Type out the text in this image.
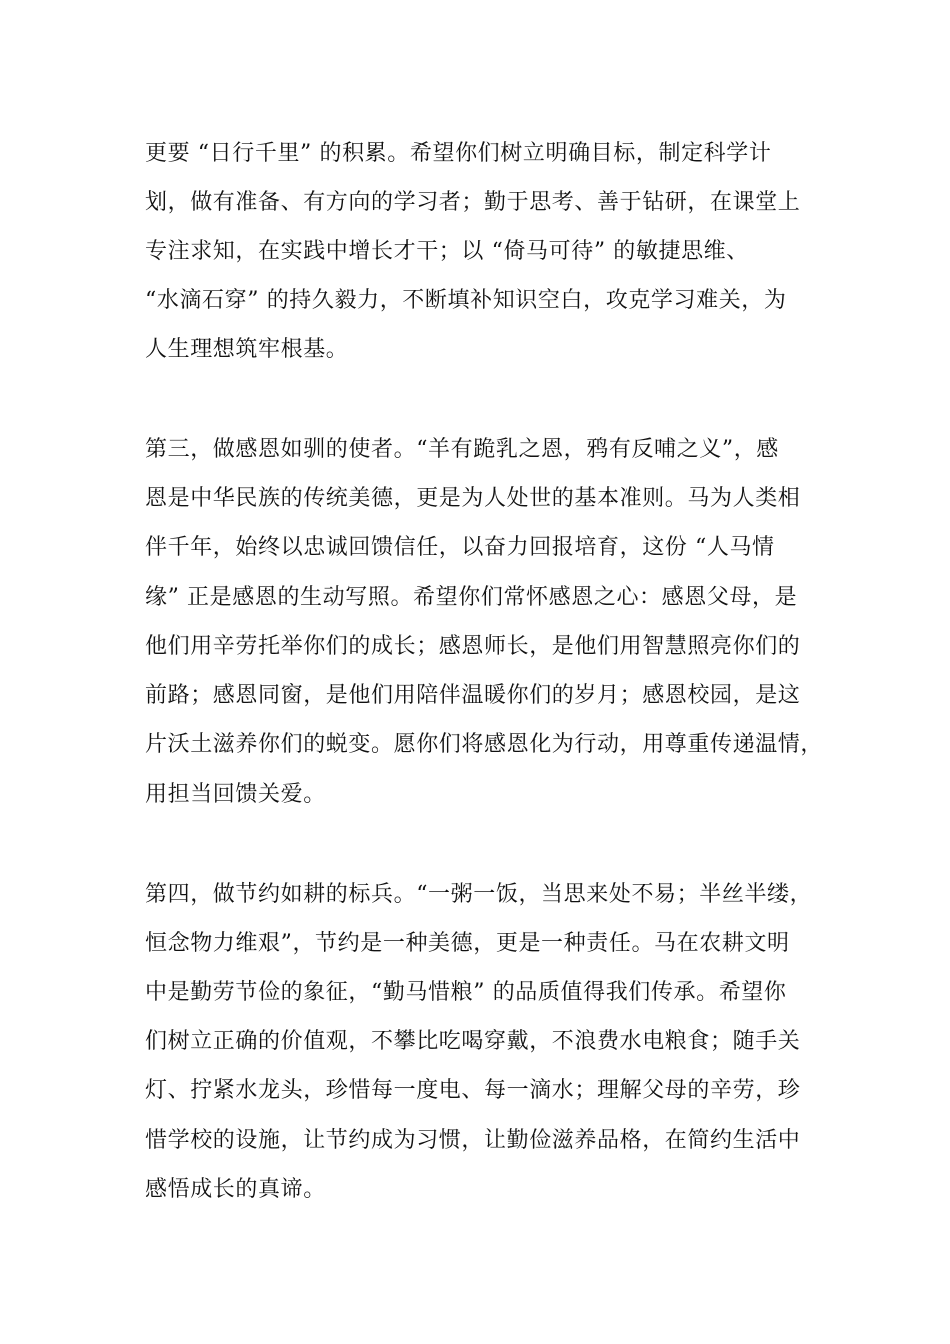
更要 “日行千里” 的积累。希望你们树立明确目标，制定科学计
划，做有准备、有方向的学习者；勤于思考、善于钻研，在课堂上
专注求知，在实践中增长才干；以 “倚马可待” 的敏捷思维、
“水滴石穿” 的持久毅力，不断填补知识空白，攻克学习难关，为
人生理想筑牢根基。
第三，做感恩如驯的使者。“羊有跪乳之恩，鸦有反哺之义”，感
恩是中华民族的传统美德，更是为人处世的基本准则。马为人类相
伴千年，始终以忠诚回馈信任，以奋力回报培育，这份 “人马情
缘” 正是感恩的生动写照。希望你们常怀感恩之心：感恩父母，是
他们用辛劳托举你们的成长；感恩师长，是他们用智慧照亮你们的
前路；感恩同窗，是他们用陪伴温暖你们的岁月；感恩校园，是这
片沃土滋养你们的蜕变。愿你们将感恩化为行动，用尊重传递温情，
用担当回馈关爱。
第四，做节约如耕的标兵。“一粥一饭，当思来处不易；半丝半缕，
恒念物力维艰”，节约是一种美德，更是一种责任。马在农耕文明
中是勤劳节俭的象征，“勤马惜粮” 的品质值得我们传承。希望你
们树立正确的价值观，不攀比吃喝穿戴，不浪费水电粮食；随手关
灯、拧紧水龙头，珍惜每一度电、每一滴水；理解父母的辛劳，珍
惜学校的设施，让节约成为习惯，让勤俭滋养品格，在简约生活中
感悟成长的真谛。
